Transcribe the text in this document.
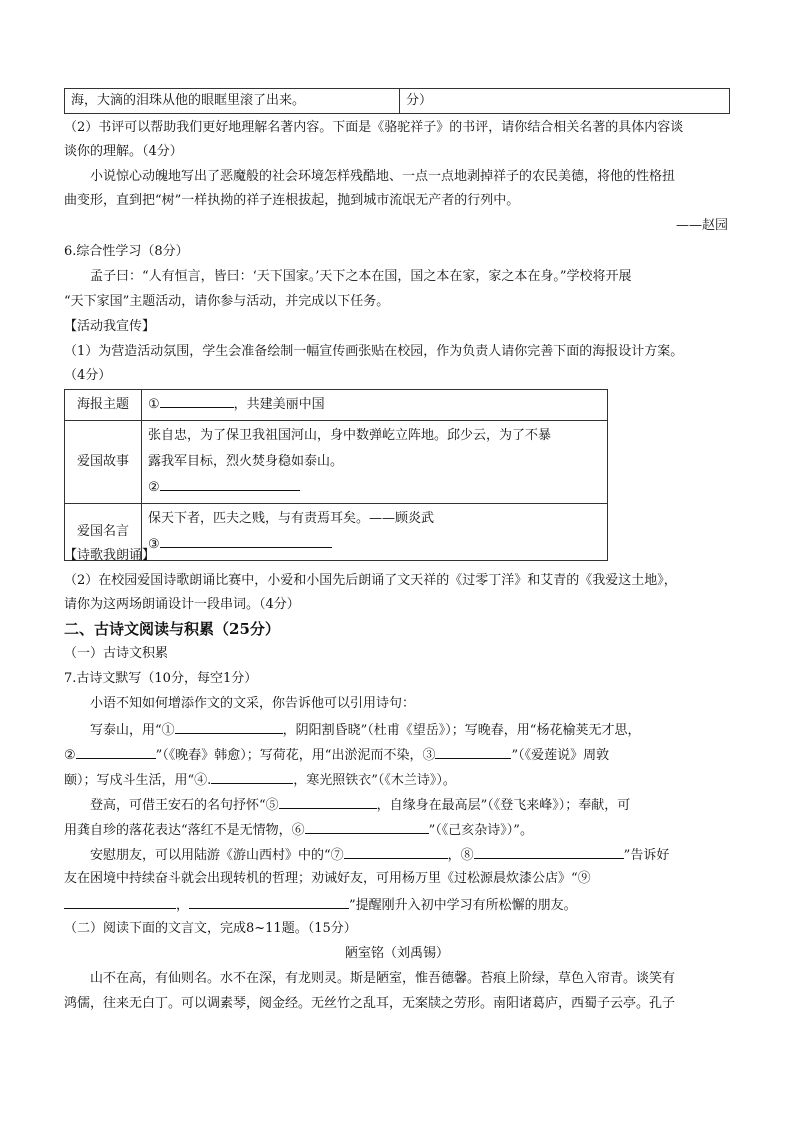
海，大滴的泪珠从他的眼眶里滚了出来。	分）
（2）书评可以帮助我们更好地理解名著内容。下面是《骆驼祥子》的书评，请你结合相关名著的具体内容谈
谈你的理解。（4分）
小说惊心动魄地写出了恶魔般的社会环境怎样残酷地、一点一点地剥掉祥子的农民美德，将他的性格扭
曲变形，直到把“树”一样执拗的祥子连根拔起，抛到城市流氓无产者的行列中。
——赵园
6.综合性学习（8分）
孟子曰：“人有恒言，皆曰：‘天下国家。’天下之本在国，国之本在家，家之本在身。”学校将开展
“天下家国”主题活动，请你参与活动，并完成以下任务。
【活动我宣传】
（1）为营造活动氛围，学生会准备绘制一幅宣传画张贴在校园，作为负责人请你完善下面的海报设计方案。
（4分）
海报主题	① ，共建美丽中国
爱国故事	张自忠，为了保卫我祖国河山，身中数弹屹立阵地。邱少云，为了不暴
露我军目标，烈火焚身稳如泰山。
②

爱国名言	保天下者，匹夫之贱，与有责焉耳矣。——顾炎武
③
【诗歌我朗诵】
（2）在校园爱国诗歌朗诵比赛中，小爱和小国先后朗诵了文天祥的《过零丁洋》和艾青的《我爱这土地》，
请你为这两场朗诵设计一段串词。（4分）
二、古诗文阅读与积累（25分）
（一）古诗文积累
7.古诗文默写（10分，每空1分）
小语不知如何增添作文的文采，你告诉他可以引用诗句：
写泰山，用“①	，阴阳割昏晓”（杜甫《望岳》）；写晚春，用“杨花榆荚无才思，
②	”（《晚春》韩愈）；写荷花，用“出淤泥而不染，③	”（《爱莲说》周敦
颐）；写戍斗生活，用“④.	，寒光照铁衣”（《木兰诗》）。
登高，可借王安石的名句抒怀“⑤	，自缘身在最高层”（《登飞来峰》）；奉献，可
用龚自珍的落花表达“落红不是无情物，⑥	”（《己亥杂诗》）”。
安慰朋友，可以用陆游《游山西村》中的“⑦	，⑧	”告诉好
友在困境中持续奋斗就会出现转机的哲理；劝诫好友，可用杨万里《过松源晨炊漆公店》“⑨
，	”提醒刚升入初中学习有所松懈的朋友。
（二）阅读下面的文言文，完成8~11题。（15分）
陋室铭（刘禹锡）
山不在高，有仙则名。水不在深，有龙则灵。斯是陋室，惟吾德馨。苔痕上阶绿，草色入帘青。谈笑有
鸿儒，往来无白丁。可以调素琴，阅金经。无丝竹之乱耳，无案牍之劳形。南阳诸葛庐，西蜀子云亭。孔子
